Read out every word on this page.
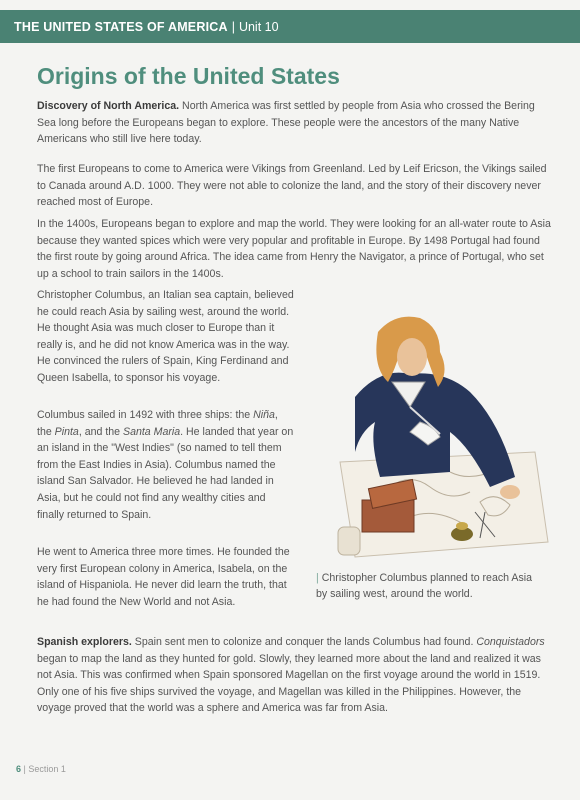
THE UNITED STATES OF AMERICA | Unit 10
Origins of the United States

Discovery of North America. North America was first settled by people from Asia who crossed the Bering Sea long before the Europeans began to explore. These people were the ancestors of the many Native Americans who still live here today.

The first Europeans to come to America were Vikings from Greenland. Led by Leif Ericson, the Vikings sailed to Canada around A.D. 1000. They were not able to colonize the land, and the story of their discovery never reached most of Europe.

In the 1400s, Europeans began to explore and map the world. They were looking for an all-water route to Asia because they wanted spices which were very popular and profitable in Europe. By 1498 Portugal had found the first route by going around Africa. The idea came from Henry the Navigator, a prince of Portugal, who set up a school to train sailors in the 1400s.

Christopher Columbus, an Italian sea captain, believed he could reach Asia by sailing west, around the world. He thought Asia was much closer to Europe than it really is, and he did not know America was in the way. He convinced the rulers of Spain, King Ferdinand and Queen Isabella, to sponsor his voyage.

Columbus sailed in 1492 with three ships: the Niña, the Pinta, and the Santa Maria. He landed that year on an island in the "West Indies" (so named to tell them from the East Indies in Asia). Columbus named the island San Salvador. He believed he had landed in Asia, but he could not find any wealthy cities and finally returned to Spain.

He went to America three more times. He founded the very first European colony in America, Isabela, on the island of Hispaniola. He never did learn the truth, that he had found the New World and not Asia.

| Christopher Columbus planned to reach Asia by sailing west, around the world.

Spanish explorers. Spain sent men to colonize and conquer the lands Columbus had found. Conquistadors began to map the land as they hunted for gold. Slowly, they learned more about the land and realized it was not Asia. This was confirmed when Spain sponsored Magellan on the first voyage around the world in 1519. Only one of his five ships survived the voyage, and Magellan was killed in the Philippines. However, the voyage proved that the world was a sphere and America was far from Asia.

6 | Section 1
